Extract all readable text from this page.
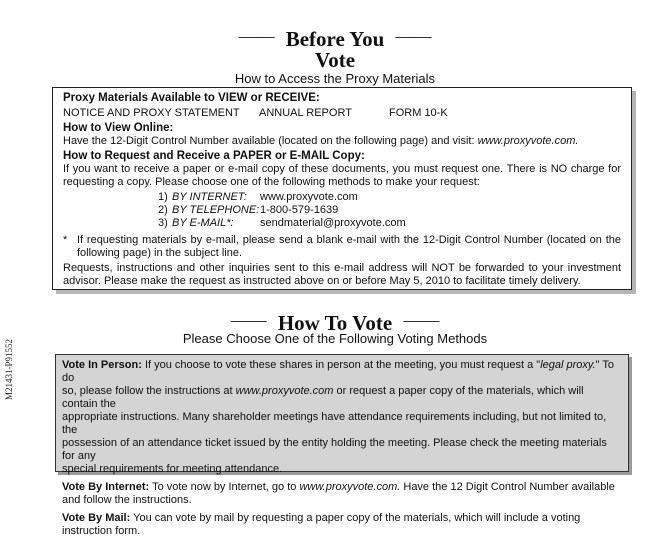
—— Before You ——
Vote
How to Access the Proxy Materials

Proxy Materials Available to VIEW or RECEIVE:

NOTICE AND PROXY STATEMENT	ANNUAL REPORT	FORM 10-K

How to View Online:

Have the 12-Digit Control Number available (located on the following page) and visit: www.proxyvote.com.

How to Request and Receive a PAPER or E-MAIL Copy:

If you want to receive a paper or e-mail copy of these documents, you must request one. There is NO charge for

requesting a copy. Please choose one of the following methods to make your request:

1) BY INTERNET:	www.proxyvote.com
2) BY TELEPHONE: 1-800-579-1639
3) BY E-MAIL*:	sendmaterial@proxyvote.com
* If requesting materials by e-mail, please send a blank e-mail with the 12-Digit Control Number (located on the

following page) in the subject line.

Requests, instructions and other inquiries sent to this e-mail address will NOT be forwarded to your investment

advisor. Please make the request as instructed above on or before May 5, 2010 to facilitate timely delivery.

—— How To Vote ——
Please Choose One of the Following Voting Methods

Vote In Person: If you choose to vote these shares in person at the meeting, you must request a "legal proxy." To do

so, please follow the instructions at www.proxyvote.com or request a paper copy of the materials, which will contain the

appropriate instructions. Many shareholder meetings have attendance requirements including, but not limited to, the

possession of an attendance ticket issued by the entity holding the meeting. Please check the meeting materials for any

special requirements for meeting attendance.

Vote By Internet: To vote now by Internet, go to www.proxyvote.com. Have the 12 Digit Control Number available

and follow the instructions.

Vote By Mail: You can vote by mail by requesting a paper copy of the materials, which will include a voting instruction form.

M21431-P91552
